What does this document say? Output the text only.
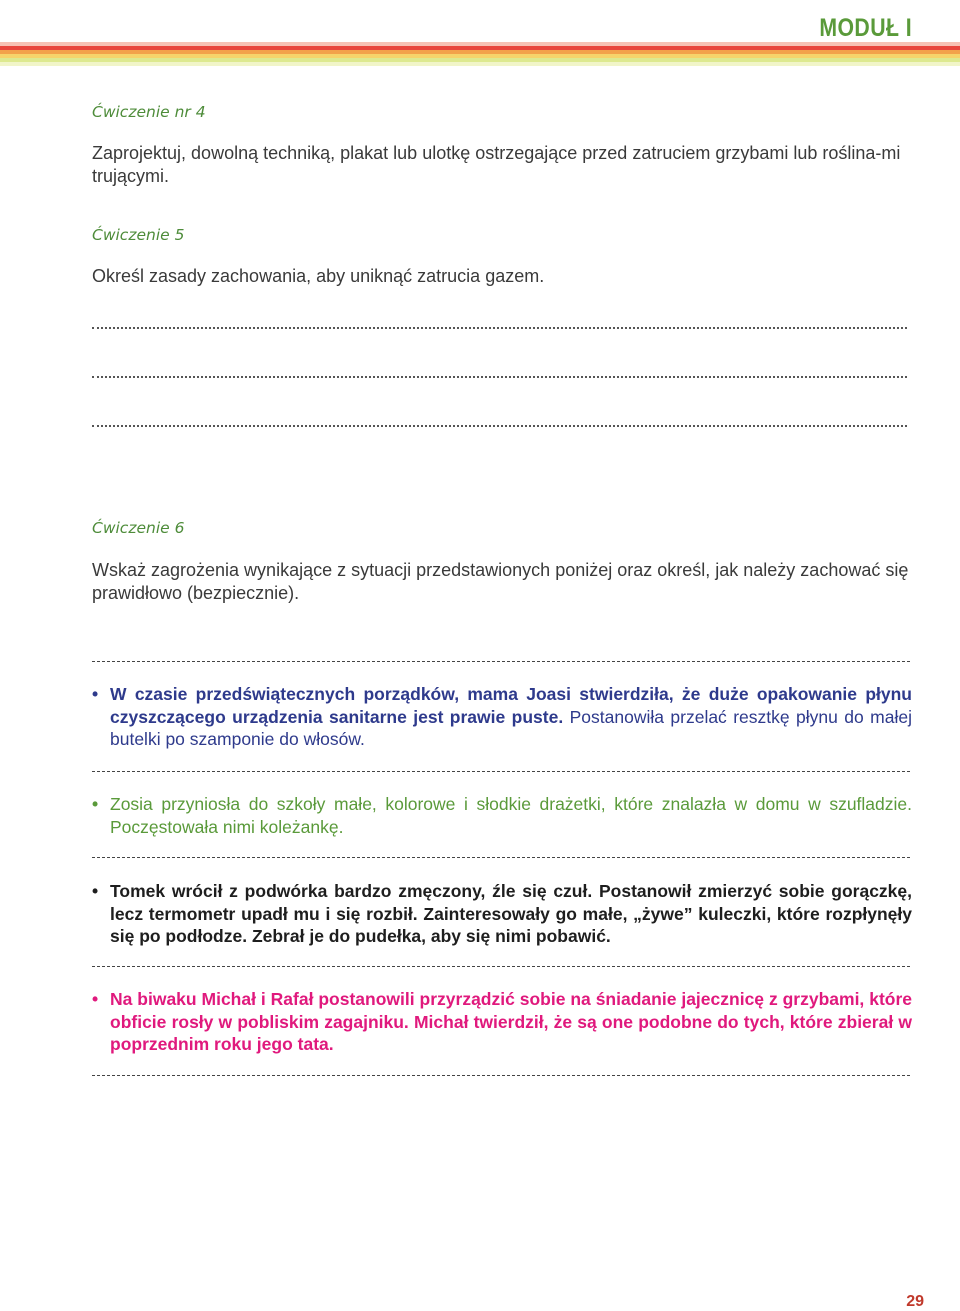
MODUŁ I
Ćwiczenie nr 4
Zaprojektuj, dowolną techniką, plakat lub ulotkę ostrzegające przed zatruciem grzybami lub roślina-mi trującymi.
Ćwiczenie 5
Określ zasady zachowania, aby uniknąć zatrucia gazem.
Ćwiczenie 6
Wskaż zagrożenia wynikające z sytuacji przedstawionych poniżej oraz określ, jak należy zachować się prawidłowo (bezpiecznie).
• W czasie przedświątecznych porządków, mama Joasi stwierdziła, że duże opakowanie płynu czyszczącego urządzenia sanitarne jest prawie puste. Postanowiła przelać resztkę płynu do małej butelki po szamponie do włosów.
• Zosia przyniosła do szkoły małe, kolorowe i słodkie drażetki, które znalazła w domu w szufladzie. Poczęstowała nimi koleżankę.
• Tomek wrócił z podwórka bardzo zmęczony, źle się czuł. Postanowił zmierzyć sobie gorączkę, lecz termometr upadł mu i się rozbił. Zainteresowały go małe, „żywe” kuleczki, które rozpłynęły się po podłodze. Zebrał je do pudełka, aby się nimi pobawić.
• Na biwaku Michał i Rafał postanowili przyrządzić sobie na śniadanie jajecznicę z grzybami, które obficie rosły w pobliskim zagajniku. Michał twierdził, że są one podobne do tych, które zbierał w poprzednim roku jego tata.
29
